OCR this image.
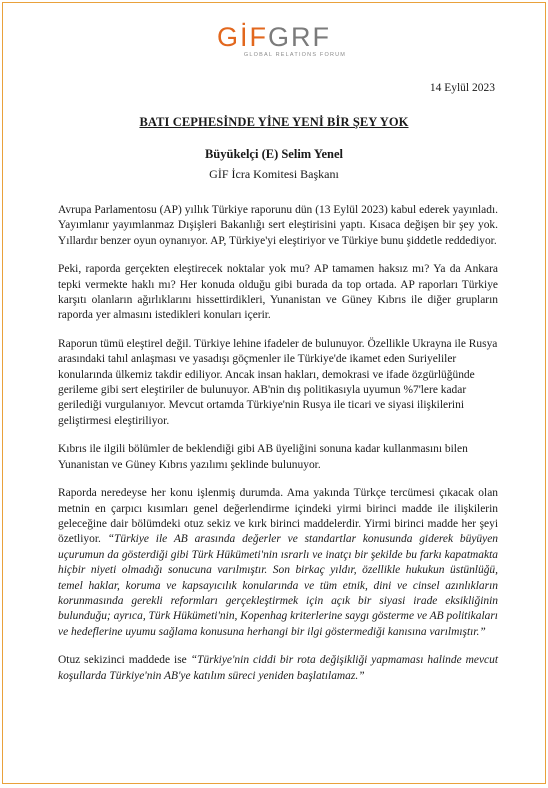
GİFGRF
GLOBAL RELATIONS FORUM
14 Eylül 2023
BATI CEPHESİNDE YİNE YENİ BİR ŞEY YOK
Büyükelçi (E) Selim Yenel
GİF İcra Komitesi Başkanı

Avrupa Parlamentosu (AP) yıllık Türkiye raporunu dün (13 Eylül 2023) kabul ederek yayınladı. Yayımlanır yayımlanmaz Dışişleri Bakanlığı sert eleştirisini yaptı. Kısaca değişen bir şey yok. Yıllardır benzer oyun oynanıyor. AP, Türkiye'yi eleştiriyor ve Türkiye bunu şiddetle reddediyor.

Peki, raporda gerçekten eleştirecek noktalar yok mu? AP tamamen haksız mı? Ya da Ankara tepki vermekte haklı mı? Her konuda olduğu gibi burada da top ortada. AP raporları Türkiye karşıtı olanların ağırlıklarını hissettirdikleri, Yunanistan ve Güney Kıbrıs ile diğer grupların raporda yer almasını istedikleri konuları içerir.

Raporun tümü eleştirel değil. Türkiye lehine ifadeler de bulunuyor. Özellikle Ukrayna ile Rusya arasındaki tahıl anlaşması ve yasadışı göçmenler ile Türkiye'de ikamet eden Suriyeliler konularında ülkemiz takdir ediliyor. Ancak insan hakları, demokrasi ve ifade özgürlüğünde gerileme gibi sert eleştiriler de bulunuyor. AB'nin dış politikasıyla uyumun %7'lere kadar gerilediği vurgulanıyor. Mevcut ortamda Türkiye'nin Rusya ile ticari ve siyasi ilişkilerini geliştirmesi eleştiriliyor.

Kıbrıs ile ilgili bölümler de beklendiği gibi AB üyeliğini sonuna kadar kullanmasını bilen Yunanistan ve Güney Kıbrıs yazılımı şeklinde bulunuyor.

Raporda neredeyse her konu işlenmiş durumda. Ama yakında Türkçe tercümesi çıkacak olan metnin en çarpıcı kısımları genel değerlendirme içindeki yirmi birinci madde ile ilişkilerin geleceğine dair bölümdeki otuz sekiz ve kırk birinci maddelerdir. Yirmi birinci madde her şeyi özetliyor. “Türkiye ile AB arasında değerler ve standartlar konusunda giderek büyüyen uçurumun da gösterdiği gibi Türk Hükümeti'nin ısrarlı ve inatçı bir şekilde bu farkı kapatmakta hiçbir niyeti olmadığı sonucuna varılmıştır. Son birkaç yıldır, özellikle hukukun üstünlüğü, temel haklar, koruma ve kapsayıcılık konularında ve tüm etnik, dini ve cinsel azınlıkların korunmasında gerekli reformları gerçekleştirmek için açık bir siyasi irade eksikliğinin bulunduğu; ayrıca, Türk Hükümeti'nin, Kopenhag kriterlerine saygı gösterme ve AB politikaları ve hedeflerine uyumu sağlama konusuna herhangi bir ilgi göstermediği kanısına varılmıştır.”

Otuz sekizinci maddede ise “Türkiye'nin ciddi bir rota değişikliği yapmaması halinde mevcut koşullarda Türkiye'nin AB'ye katılım süreci yeniden başlatılamaz.”
